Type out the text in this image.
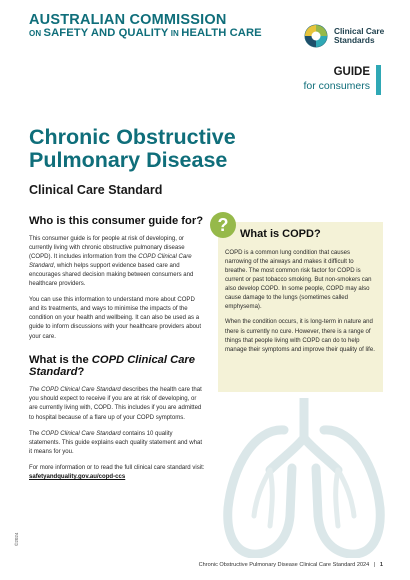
AUSTRALIAN COMMISSION
ON SAFETY AND QUALITY IN HEALTH CARE	Clinical Care
Standards
GUIDE
for consumers
Chronic Obstructive
Pulmonary Disease
Clinical Care Standard
Who is this consumer guide for?

This consumer guide is for people at risk of developing, or currently living with chronic obstructive pulmonary disease (COPD). It includes information from the COPD Clinical Care Standard, which helps support evidence based care and encourages shared decision making between consumers and healthcare providers.

You can use this information to understand more about COPD and its treatments, and ways to minimise the impacts of the condition on your health and wellbeing. It can also be used as a guide to inform discussions with your healthcare providers about your care.

What is the COPD Clinical Care Standard?

The COPD Clinical Care Standard describes the health care that you should expect to receive if you are at risk of developing, or are currently living with, COPD. This includes if you are admitted to hospital because of a flare up of your COPD symptoms.

The COPD Clinical Care Standard contains 10 quality statements. This guide explains each quality statement and what it means for you.

For more information or to read the full clinical care standard visit: safetyandquality.gov.au/copd-ccs

?	What is COPD?

COPD is a common lung condition that causes narrowing of the airways and makes it difficult to breathe. The most common risk factor for COPD is current or past tobacco smoking. But non-smokers can also develop COPD. In some people, COPD may also cause damage to the lungs (sometimes called emphysema).

When the condition occurs, it is long-term in nature and there is currently no cure. However, there is a range of things that people living with COPD can do to help manage their symptoms and improve their quality of life.

Chronic Obstructive Pulmonary Disease Clinical Care Standard 2024 | 1
©2024
